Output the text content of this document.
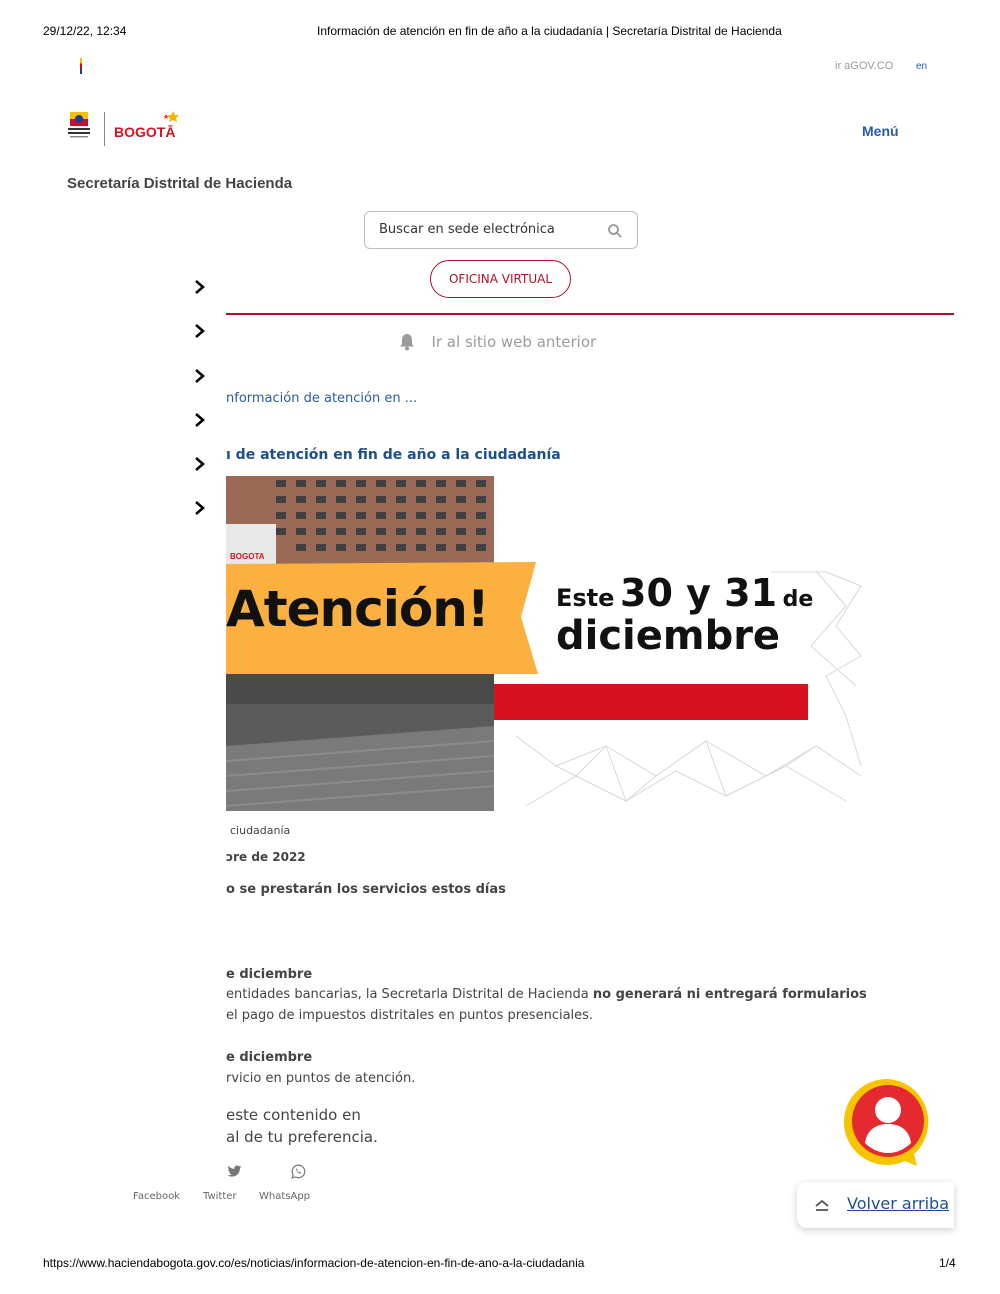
29/12/22, 12:34	Información de atención en fin de año a la ciudadanía | Secretaría Distrital de Hacienda
ir aGOV.CO en
BOGOTĀ	Menú
Secretaría Distrital de Hacienda
Buscar en sede electrónica
OFICINA VIRTUAL
Ir al sitio web anterior
nformación de atención en ...
ı de atención en fin de año a la ciudadanía
Atención!
BOGOTA
Este 30 y 31 de
diciembre
ciudadanía
ɔre de 2022
o se prestarán los servicios estos días
e diciembre
entidades bancarias, la Secretarla Distrital de Hacienda no generará ni entregará formularios
el pago de impuestos distritales en puntos presenciales.
e diciembre
rvicio en puntos de atención.
este contenido en
al de tu preferencia.
Facebook Twitter WhatsApp	Volver arriba
https://www.haciendabogota.gov.co/es/noticias/informacion-de-atencion-en-fin-de-ano-a-la-ciudadania	1/4
